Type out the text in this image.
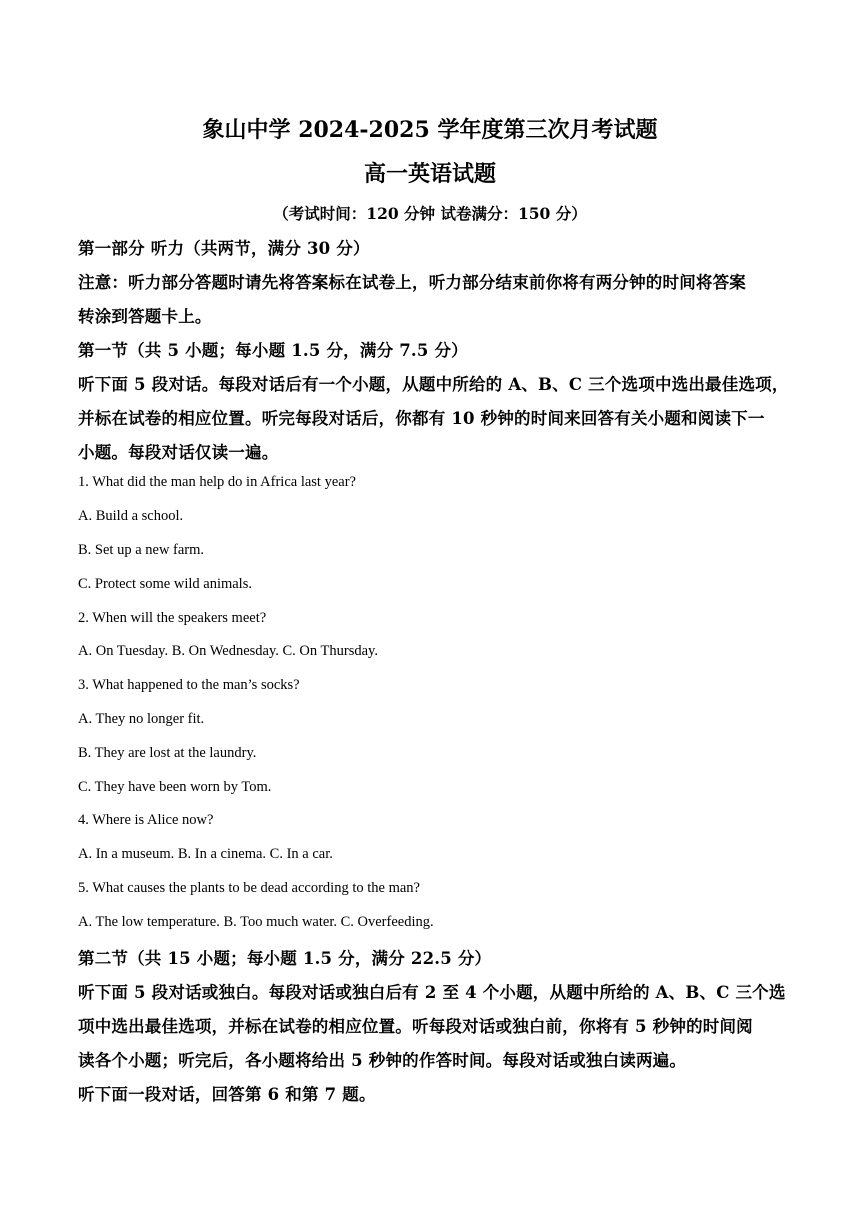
象山中学 2024-2025 学年度第三次月考试题
高一英语试题
（考试时间：120 分钟 试卷满分：150 分）
第一部分 听力（共两节，满分 30 分）
注意：听力部分答题时请先将答案标在试卷上，听力部分结束前你将有两分钟的时间将答案
转涂到答题卡上。
第一节（共 5 小题；每小题 1.5 分，满分 7.5 分）
听下面 5 段对话。每段对话后有一个小题，从题中所给的 A、B、C 三个选项中选出最佳选项，
并标在试卷的相应位置。听完每段对话后，你都有 10 秒钟的时间来回答有关小题和阅读下一
小题。每段对话仅读一遍。
1. What did the man help do in Africa last year?
A. Build a school.
B. Set up a new farm.
C. Protect some wild animals.
2. When will the speakers meet?
A. On Tuesday. B. On Wednesday. C. On Thursday.
3. What happened to the man’s socks?
A. They no longer fit.
B. They are lost at the laundry.
C. They have been worn by Tom.
4. Where is Alice now?
A. In a museum. B. In a cinema. C. In a car.
5. What causes the plants to be dead according to the man?
A. The low temperature. B. Too much water. C. Overfeeding.
第二节（共 15 小题；每小题 1.5 分，满分 22.5 分）
听下面 5 段对话或独白。每段对话或独白后有 2 至 4 个小题，从题中所给的 A、B、C 三个选
项中选出最佳选项，并标在试卷的相应位置。听每段对话或独白前，你将有 5 秒钟的时间阅
读各个小题；听完后，各小题将给出 5 秒钟的作答时间。每段对话或独白读两遍。
听下面一段对话，回答第 6 和第 7 题。
